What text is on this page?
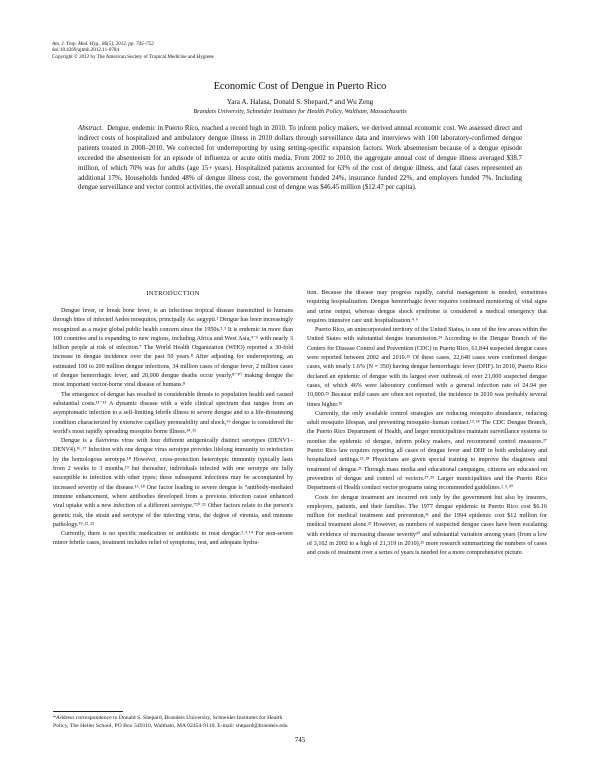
Am. J. Trop. Med. Hyg., 86(5), 2012, pp. 745–752
doi:10.4269/ajtmh.2012.11-0784
Copyright © 2012 by The American Society of Tropical Medicine and Hygiene
Economic Cost of Dengue in Puerto Rico
Yara A. Halasa, Donald S. Shepard,* and Wu Zeng
Brandeis University, Schneider Institutes for Health Policy, Waltham, Massachusetts

Abstract. Dengue, endemic in Puerto Rico, reached a record high in 2010. To inform policy makers, we derived annual economic cost. We assessed direct and indirect costs of hospitalized and ambulatory dengue illness in 2010 dollars through surveillance data and interviews with 100 laboratory-confirmed dengue patients treated in 2008–2010. We corrected for underreporting by using setting-specific expansion factors. Work absenteeism because of a dengue episode exceeded the absenteeism for an episode of influenza or acute otitis media. From 2002 to 2010, the aggregate annual cost of dengue illness averaged $38.7 million, of which 70% was for adults (age 15+ years). Hospitalized patients accounted for 63% of the cost of dengue illness, and fatal cases represented an additional 17%. Households funded 48% of dengue illness cost, the government funded 24%, insurance funded 22%, and employers funded 7%. Including dengue surveillance and vector control activities, the overall annual cost of dengue was $46.45 million ($12.47 per capita).

INTRODUCTION

Dengue fever, or break bone fever, is an infectious tropical disease transmitted to humans through bites of infected Aedes mosquitos, principally Ae. aegypti.¹ Dengue has been increasingly recognized as a major global public health concern since the 1950s.²˒³ It is endemic in more than 100 countries and is expanding to new regions, including Africa and West Asia,⁴⁻⁶ with nearly 3 billion people at risk of infection.⁷ The World Health Organization (WHO) reported a 30-fold increase in dengue incidence over the past 50 years.⁸ After adjusting for underreporting, an estimated 100 to 200 million dengue infections, 34 million cases of dengue fever, 2 million cases of dengue hemorrhagic fever, and 20,000 dengue deaths occur yearly,⁸⁻¹⁰ making dengue the most important vector-borne viral disease of humans.⁸

The emergence of dengue has resulted in considerable threats to population health and caused substantial costs.¹¹⁻¹³ A dynamic disease with a wide clinical spectrum that ranges from an asymptomatic infection to a self-limiting febrile illness to severe dengue and to a life-threatening condition characterized by extensive capillary permeability and shock,⁵⁶ dengue is considered the world's most rapidly spreading mosquito borne illness.¹⁴˒¹⁵

Dengue is a flavivirus virus with four different antigenically distinct serotypes (DENV1–DENV4).¹⁶˒¹⁷ Infection with one dengue virus serotype provides lifelong immunity to reinfection by the homologous serotype.¹⁸ However, cross-protection heterotypic immunity typically lasts from 2 weeks to 3 months,¹⁹ but thereafter, individuals infected with one serotype are fully susceptible to infection with other types; these subsequent infections may be accompanied by increased severity of the disease.¹⁶˒¹⁸ One factor leading to severe dengue is “antibody-mediated immune enhancement, where antibodies developed from a previous infection cause enhanced viral uptake with a new infection of a different serotype.”²⁰˒²¹ Other factors relate to the person's genetic risk, the strain and serotype of the infecting virus, the degree of viremia, and immune pathology.¹⁹˒²²˒²³

Currently, there is no specific medication or antibiotic to treat dengue.¹˒³˒¹⁴ For non-severe minor febrile cases, treatment includes relief of symptoms, rest, and adequate hydra-

tion. Because the disease may progress rapidly, careful management is needed, sometimes requiring hospitalization. Dengue hemorrhagic fever requires continued monitoring of vital signs and urine output, whereas dengue shock syndrome is considered a medical emergency that requires intensive care unit hospitalization.⁴˒⁶

Puerto Rico, an unincorporated territory of the United States, is one of the few areas within the United States with substantial dengue transmission.²⁴ According to the Dengue Branch of the Centers for Disease Control and Prevention (CDC) in Puerto Rico, 61,844 suspected dengue cases were reported between 2002 and 2010.²⁵ Of these cases, 22,648 cases were confirmed dengue cases, with nearly 1.6% (N = 350) having dengue hemorrhagic fever (DHF). In 2010, Puerto Rico declared an epidemic of dengue with its largest ever outbreak of over 21,000 suspected dengue cases, of which 46% were laboratory confirmed with a general infection rate of 24.94 per 10,000.²⁵ Because mild cases are often not reported, the incidence in 2010 was probably several times higher.²⁶

Currently, the only available control strategies are reducing mosquito abundance, reducing adult mosquito lifespan, and preventing mosquito–human contact.¹³˒¹⁴ The CDC Dengue Branch, the Puerto Rico Department of Health, and larger municipalities maintain surveillance systems to monitor the epidemic of dengue, inform policy makers, and recommend control measures.²⁷ Puerto Rico law requires reporting all cases of dengue fever and DHF in both ambulatory and hospitalized settings.²⁵˒²⁸ Physicians are given special training to improve the diagnosis and treatment of dengue.²⁶ Through mass media and educational campaigns, citizens are educated on prevention of dengue and control of vectors.²⁷˒²⁹ Larger municipalities and the Puerto Rico Department of Health conduct vector programs using recommended guidelines.¹˒³˒³⁰

Costs for dengue treatment are incurred not only by the government but also by insurers, employers, patients, and their families. The 1977 dengue epidemic in Puerto Rico cost $6.16 million for medical treatment and prevention,³¹ and the 1994 epidemic cost $12 million for medical treatment alone.³² However, as numbers of suspected dengue cases have been escalating with evidence of increasing disease severity³⁰ and substantial variation among years (from a low of 3,162 in 2002 to a high of 21,319 in 2010),²⁵ more research summarizing the numbers of cases and costs of treatment over a series of years is needed for a more comprehensive picture.

*Address correspondence to Donald S. Shepard, Brandeis University, Schneider Institutes for Health Policy, The Heller School, PO Box 549110, Waltham, MA 02454-9110. E-mail: shepard@brandeis.edu
745
